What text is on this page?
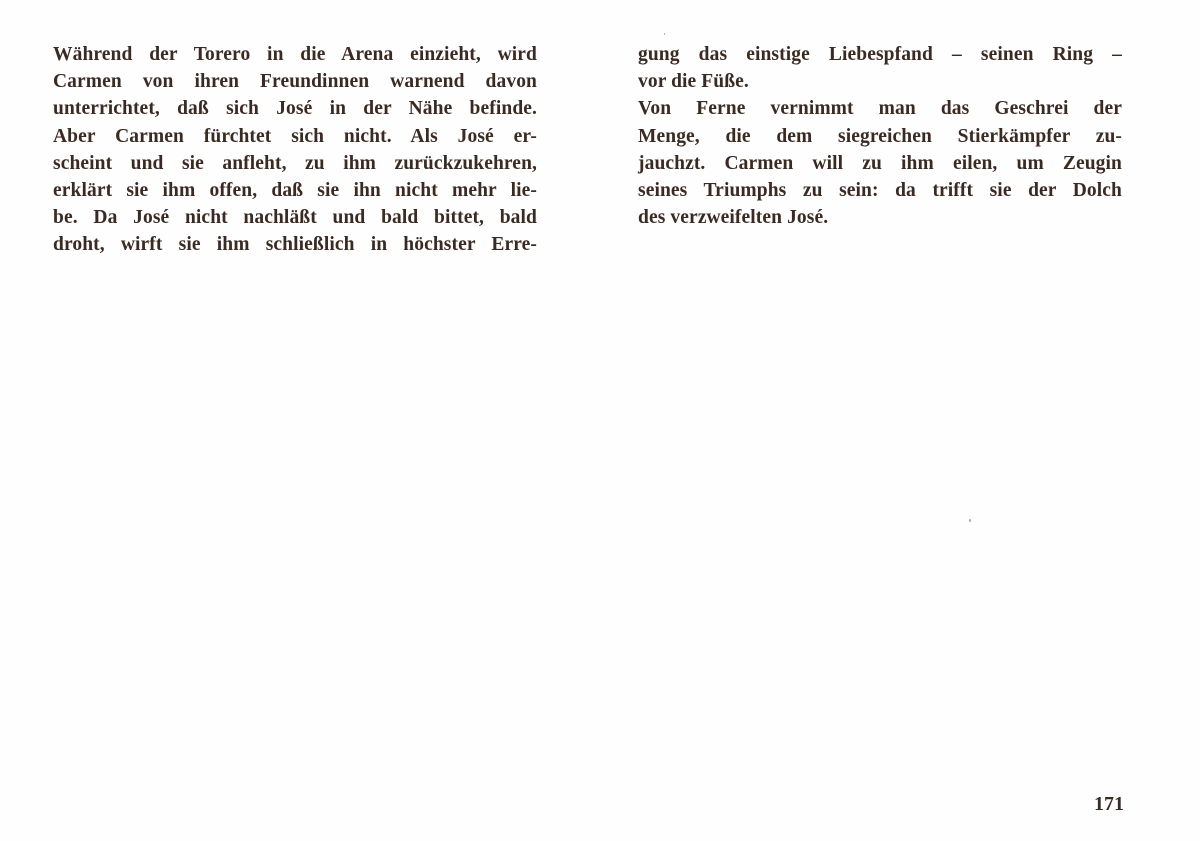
Während der Torero in die Arena einzieht, wird
Carmen von ihren Freundinnen warnend davon
unterrichtet, daß sich José in der Nähe befinde.
Aber Carmen fürchtet sich nicht. Als José er-
scheint und sie anfleht, zu ihm zurückzukehren,
erklärt sie ihm offen, daß sie ihn nicht mehr lie-
be. Da José nicht nachläßt und bald bittet, bald
droht, wirft sie ihm schließlich in höchster Erre-
gung das einstige Liebespfand – seinen Ring –
vor die Füße.
Von Ferne vernimmt man das Geschrei der
Menge, die dem siegreichen Stierkämpfer zu-
jauchzt. Carmen will zu ihm eilen, um Zeugin
seines Triumphs zu sein: da trifft sie der Dolch
des verzweifelten José.
171
